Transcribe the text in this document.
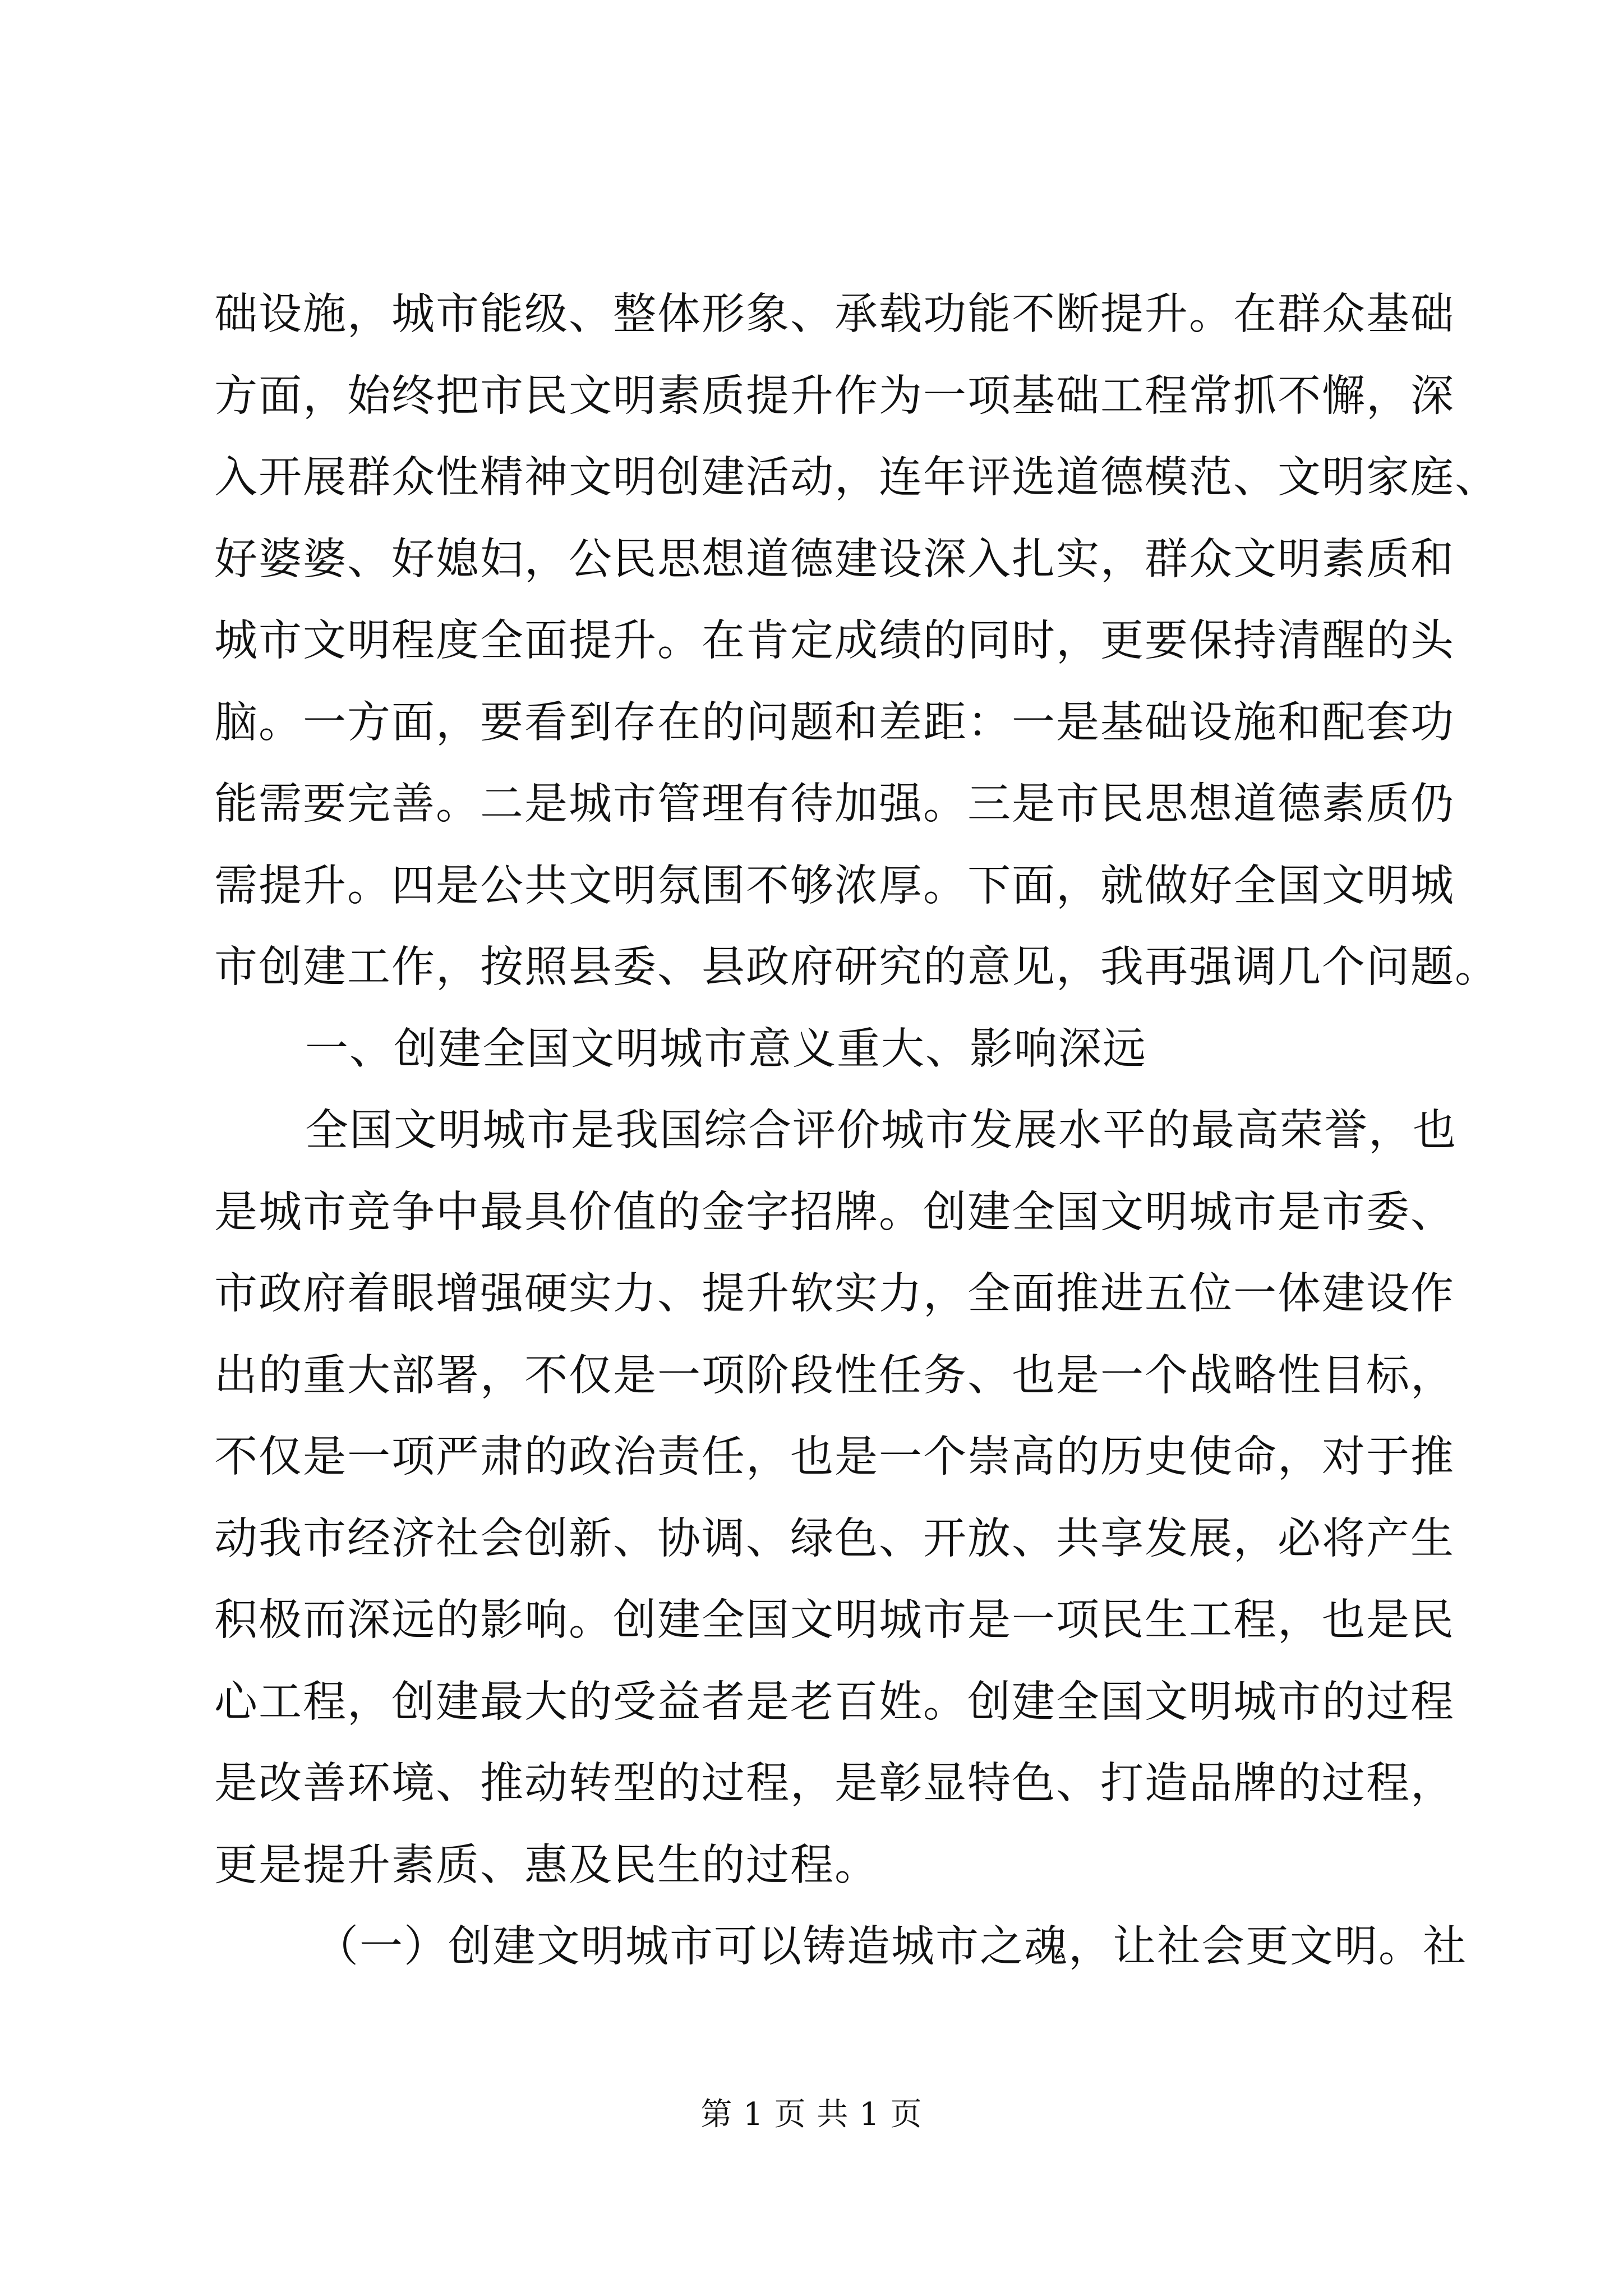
础设施，城市能级、整体形象、承载功能不断提升。在群众基础
方面，始终把市民文明素质提升作为一项基础工程常抓不懈，深
入开展群众性精神文明创建活动，连年评选道德模范、文明家庭、
好婆婆、好媳妇，公民思想道德建设深入扎实，群众文明素质和
城市文明程度全面提升。在肯定成绩的同时，更要保持清醒的头
脑。一方面，要看到存在的问题和差距：一是基础设施和配套功
能需要完善。二是城市管理有待加强。三是市民思想道德素质仍
需提升。四是公共文明氛围不够浓厚。下面，就做好全国文明城
市创建工作，按照县委、县政府研究的意见，我再强调几个问题。
一、创建全国文明城市意义重大、影响深远
全国文明城市是我国综合评价城市发展水平的最高荣誉，也
是城市竞争中最具价值的金字招牌。创建全国文明城市是市委、
市政府着眼增强硬实力、提升软实力，全面推进五位一体建设作
出的重大部署，不仅是一项阶段性任务、也是一个战略性目标，
不仅是一项严肃的政治责任，也是一个崇高的历史使命，对于推
动我市经济社会创新、协调、绿色、开放、共享发展，必将产生
积极而深远的影响。创建全国文明城市是一项民生工程，也是民
心工程，创建最大的受益者是老百姓。创建全国文明城市的过程
是改善环境、推动转型的过程，是彰显特色、打造品牌的过程，
更是提升素质、惠及民生的过程。
（一）创建文明城市可以铸造城市之魂，让社会更文明。社
第 1 页 共 1 页
